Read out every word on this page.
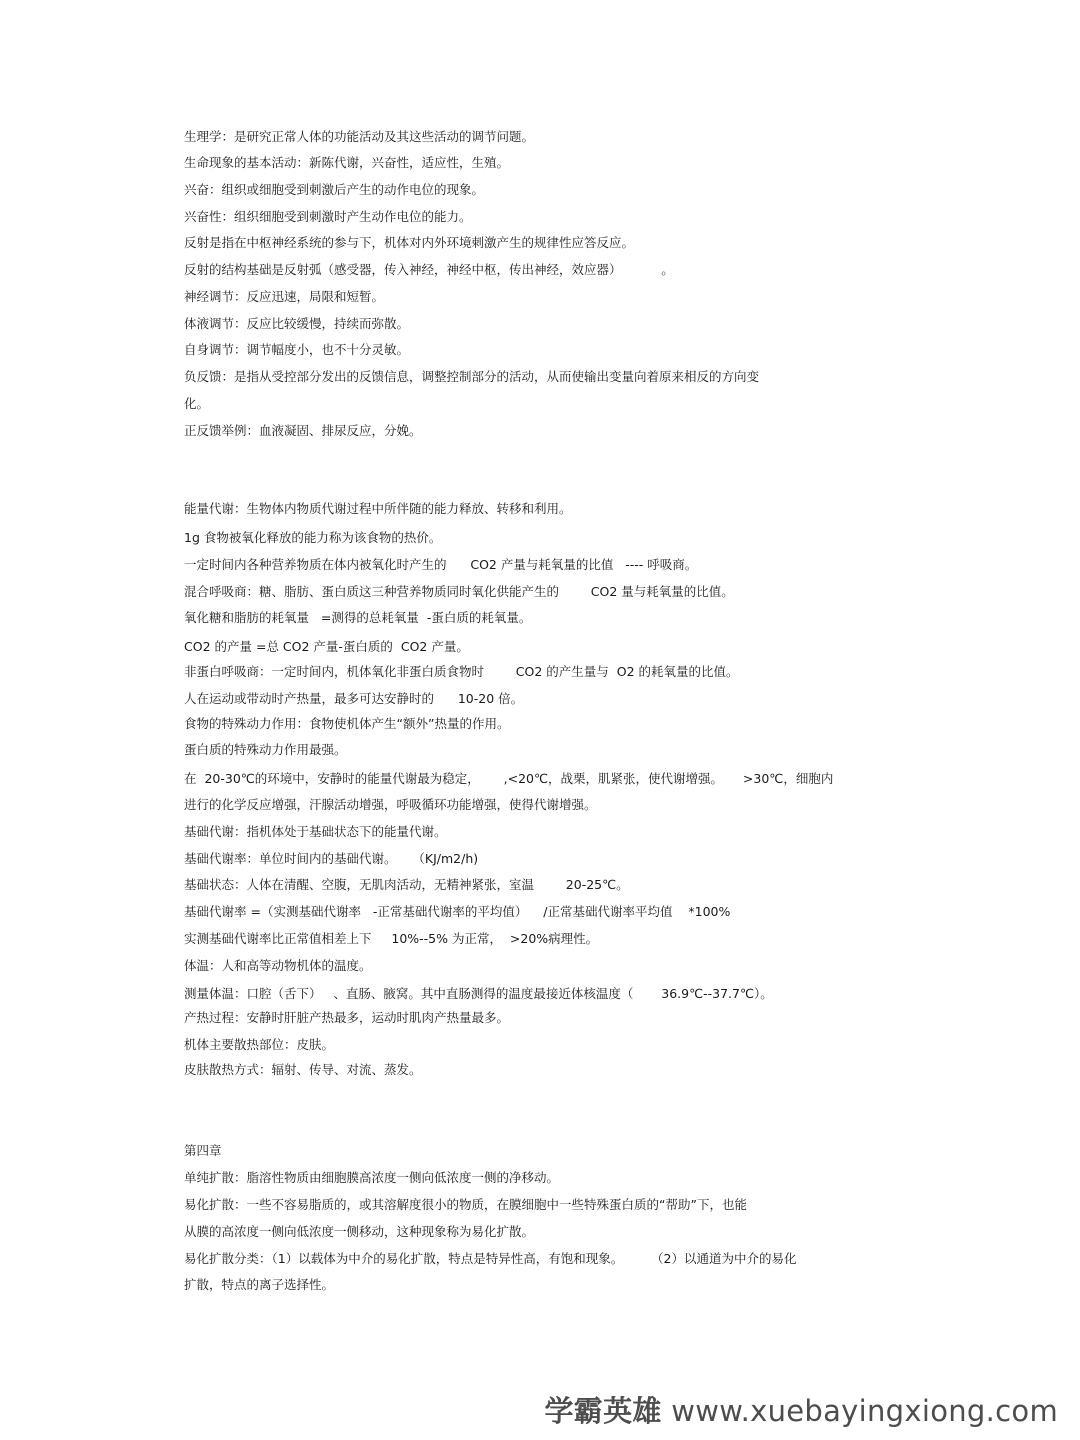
生理学：是研究正常人体的功能活动及其这些活动的调节问题。
生命现象的基本活动：新陈代谢，兴奋性，适应性，生殖。
兴奋：组织或细胞受到刺激后产生的动作电位的现象。
兴奋性：组织细胞受到刺激时产生动作电位的能力。
反射是指在中枢神经系统的参与下，机体对内外环境刺激产生的规律性应答反应。
反射的结构基础是反射弧（感受器，传入神经，神经中枢，传出神经，效应器）          。
神经调节：反应迅速，局限和短暂。
体液调节：反应比较缓慢，持续而弥散。
自身调节：调节幅度小，也不十分灵敏。
负反馈：是指从受控部分发出的反馈信息，调整控制部分的活动，从而使输出变量向着原来相反的方向变
化。
正反馈举例：血液凝固、排尿反应，分娩。
能量代谢：生物体内物质代谢过程中所伴随的能力释放、转移和利用。
1g 食物被氧化释放的能力称为该食物的热价。
一定时间内各种营养物质在体内被氧化时产生的      CO2 产量与耗氧量的比值   ---- 呼吸商。
混合呼吸商：糖、脂肪、蛋白质这三种营养物质同时氧化供能产生的        CO2 量与耗氧量的比值。
氧化糖和脂肪的耗氧量   =测得的总耗氧量  -蛋白质的耗氧量。
CO2 的产量 =总 CO2 产量-蛋白质的  CO2 产量。
非蛋白呼吸商：一定时间内，机体氧化非蛋白质食物时        CO2 的产生量与  O2 的耗氧量的比值。
人在运动或带动时产热量，最多可达安静时的      10-20 倍。
食物的特殊动力作用：食物使机体产生“额外”热量的作用。
蛋白质的特殊动力作用最强。
在  20-30℃的环境中，安静时的能量代谢最为稳定，      ,<20℃，战栗，肌紧张，使代谢增强。     >30℃，细胞内
进行的化学反应增强，汗腺活动增强，呼吸循环功能增强，使得代谢增强。
基础代谢：指机体处于基础状态下的能量代谢。
基础代谢率：单位时间内的基础代谢。    （KJ/m2/h)
基础状态：人体在清醒、空腹，无肌肉活动，无精神紧张，室温        20-25℃。
基础代谢率 =（实测基础代谢率   -正常基础代谢率的平均值）    /正常基础代谢率平均值    *100%
实测基础代谢率比正常值相差上下     10%--5% 为正常，  >20%病理性。
体温：人和高等动物机体的温度。
测量体温：口腔（舌下）   、直肠、腋窝。其中直肠测得的温度最接近体核温度（       36.9℃--37.7℃）。
产热过程：安静时肝脏产热最多，运动时肌肉产热量最多。
机体主要散热部位：皮肤。
皮肤散热方式：辐射、传导、对流、蒸发。
第四章
单纯扩散：脂溶性物质由细胞膜高浓度一侧向低浓度一侧的净移动。
易化扩散：一些不容易脂质的，或其溶解度很小的物质，在膜细胞中一些特殊蛋白质的“帮助”下，也能
从膜的高浓度一侧向低浓度一侧移动，这种现象称为易化扩散。
易化扩散分类：（1）以载体为中介的易化扩散，特点是特异性高，有饱和现象。       （2）以通道为中介的易化
扩散，特点的离子选择性。
学霸英雄 www.xuebayingxiong.com
